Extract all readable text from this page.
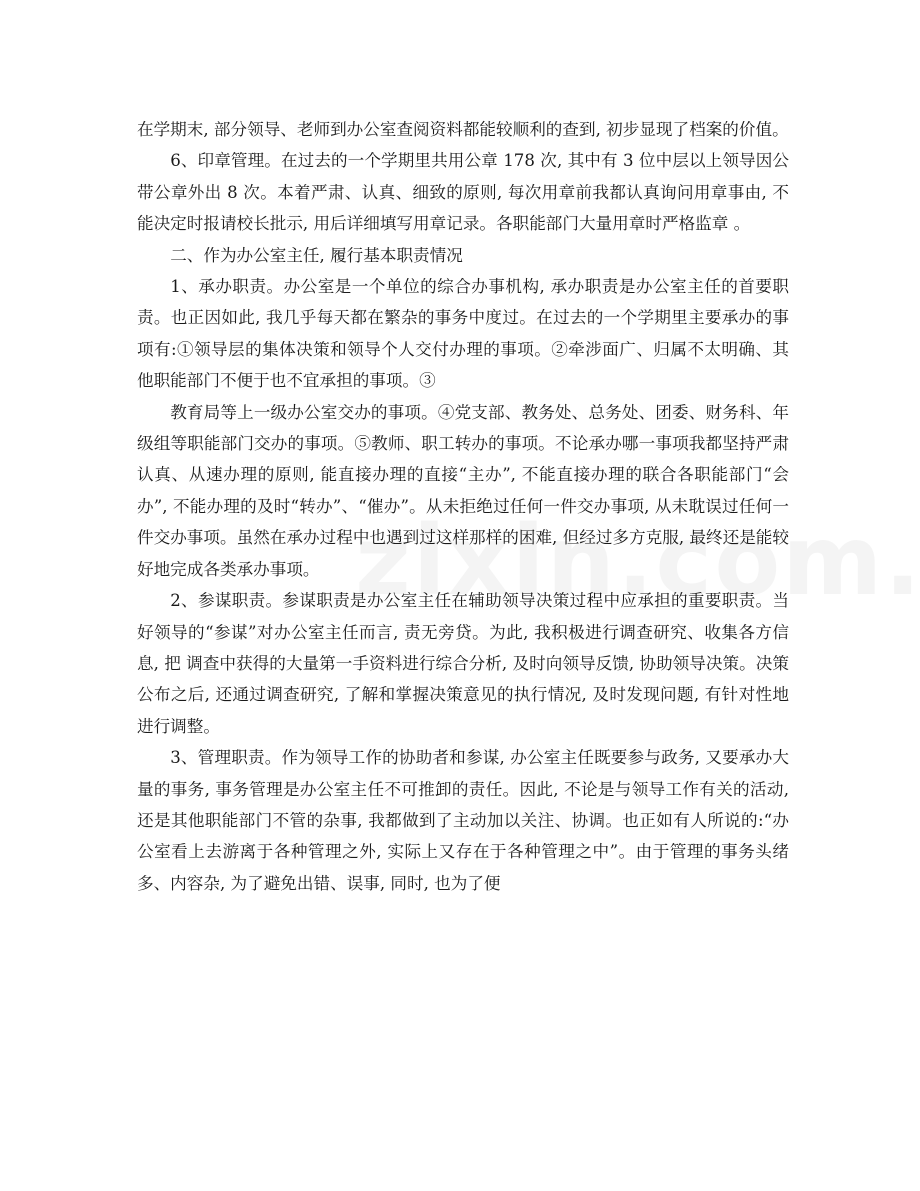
在学期末, 部分领导、老师到办公室查阅资料都能较顺利的查到, 初步显现了档案的价值。

6、印章管理。在过去的一个学期里共用公章 178 次, 其中有 3 位中层以上领导因公带公章外出 8 次。本着严肃、认真、细致的原则, 每次用章前我都认真询问用章事由, 不能决定时报请校长批示, 用后详细填写用章记录。各职能部门大量用章时严格监章 。

二、作为办公室主任, 履行基本职责情况

1、承办职责。办公室是一个单位的综合办事机构, 承办职责是办公室主任的首要职责。也正因如此, 我几乎每天都在繁杂的事务中度过。在过去的一个学期里主要承办的事项有:①领导层的集体决策和领导个人交付办理的事项。②牵涉面广、归属不太明确、其他职能部门不便于也不宜承担的事项。③

教育局等上一级办公室交办的事项。④党支部、教务处、总务处、团委、财务科、年级组等职能部门交办的事项。⑤教师、职工转办的事项。不论承办哪一事项我都坚持严肃认真、从速办理的原则, 能直接办理的直接“主办”, 不能直接办理的联合各职能部门“会办”, 不能办理的及时“转办”、“催办”。从未拒绝过任何一件交办事项, 从未耽误过任何一件交办事项。虽然在承办过程中也遇到过这样那样的困难, 但经过多方克服, 最终还是能较好地完成各类承办事项。

2、参谋职责。参谋职责是办公室主任在辅助领导决策过程中应承担的重要职责。当好领导的“参谋”对办公室主任而言, 责无旁贷。为此, 我积极进行调查研究、收集各方信息, 把 调查中获得的大量第一手资料进行综合分析, 及时向领导反馈, 协助领导决策。决策公布之后, 还通过调查研究, 了解和掌握决策意见的执行情况, 及时发现问题, 有针对性地进行调整。

3、管理职责。作为领导工作的协助者和参谋, 办公室主任既要参与政务, 又要承办大量的事务, 事务管理是办公室主任不可推卸的责任。因此, 不论是与领导工作有关的活动, 还是其他职能部门不管的杂事, 我都做到了主动加以关注、协调。也正如有人所说的:“办公室看上去游离于各种管理之外, 实际上又存在于各种管理之中”。由于管理的事务头绪多、内容杂, 为了避免出错、误事, 同时, 也为了便
